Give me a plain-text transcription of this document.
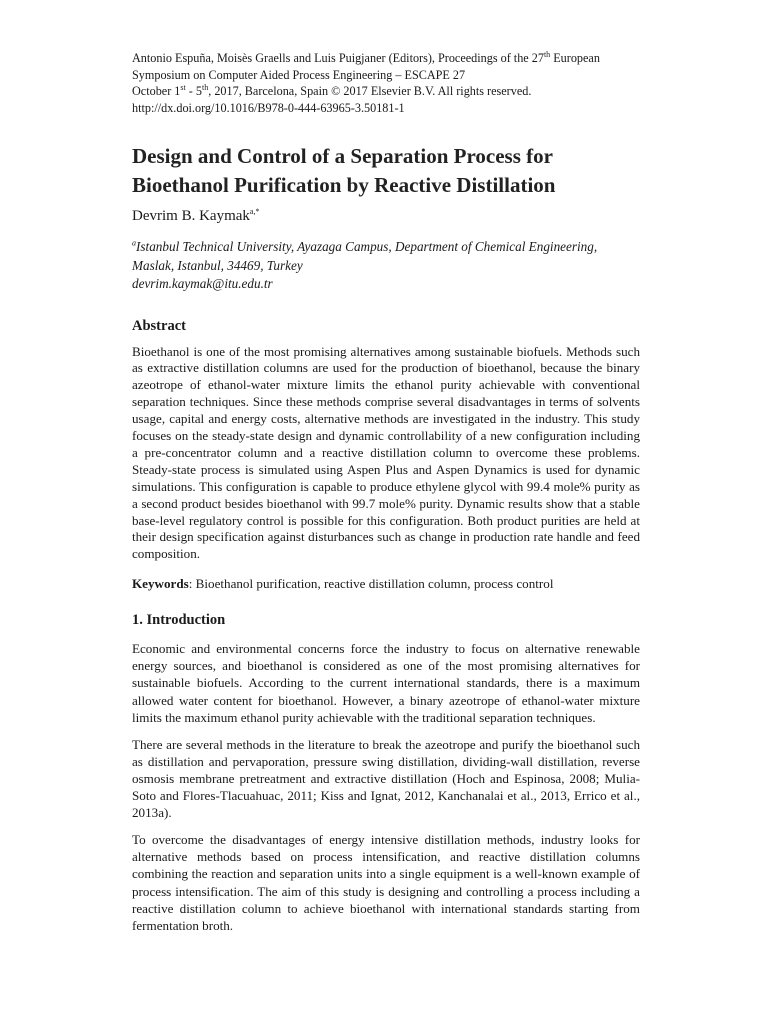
Antonio Espuña, Moisès Graells and Luis Puigjaner (Editors), Proceedings of the 27th European

Symposium on Computer Aided Process Engineering – ESCAPE 27

October 1st - 5th, 2017, Barcelona, Spain © 2017 Elsevier B.V. All rights reserved.

http://dx.doi.org/10.1016/B978-0-444-63965-3.50181-1

Design and Control of a Separation Process for Bioethanol Purification by Reactive Distillation
Devrim B. Kaymak$^{a,*}$

$^a$Istanbul Technical University, Ayazaga Campus, Department of Chemical Engineering,

Maslak, Istanbul, 34469, Turkey

devrim.kaymak@itu.edu.tr

Abstract

Bioethanol is one of the most promising alternatives among sustainable biofuels. Methods such as extractive distillation columns are used for the production of bioethanol, because the binary azeotrope of ethanol-water mixture limits the ethanol purity achievable with conventional separation techniques. Since these methods comprise several disadvantages in terms of solvents usage, capital and energy costs, alternative methods are investigated in the industry. This study focuses on the steady-state design and dynamic controllability of a new configuration including a pre-concentrator column and a reactive distillation column to overcome these problems. Steady-state process is simulated using Aspen Plus and Aspen Dynamics is used for dynamic simulations. This configuration is capable to produce ethylene glycol with 99.4 mole% purity as a second product besides bioethanol with 99.7 mole% purity. Dynamic results show that a stable base-level regulatory control is possible for this configuration. Both product purities are held at their design specification against disturbances such as change in production rate handle and feed composition.

Keywords: Bioethanol purification, reactive distillation column, process control

1. Introduction

Economic and environmental concerns force the industry to focus on alternative renewable energy sources, and bioethanol is considered as one of the most promising alternatives for sustainable biofuels. According to the current international standards, there is a maximum allowed water content for bioethanol. However, a binary azeotrope of ethanol-water mixture limits the maximum ethanol purity achievable with the traditional separation techniques.

There are several methods in the literature to break the azeotrope and purify the bioethanol such as distillation and pervaporation, pressure swing distillation, dividing-wall distillation, reverse osmosis membrane pretreatment and extractive distillation (Hoch and Espinosa, 2008; Mulia-Soto and Flores-Tlacuahuac, 2011; Kiss and Ignat, 2012, Kanchanalai et al., 2013, Errico et al., 2013a).

To overcome the disadvantages of energy intensive distillation methods, industry looks for alternative methods based on process intensification, and reactive distillation columns combining the reaction and separation units into a single equipment is a well-known example of process intensification. The aim of this study is designing and controlling a process including a reactive distillation column to achieve bioethanol with international standards starting from fermentation broth.
